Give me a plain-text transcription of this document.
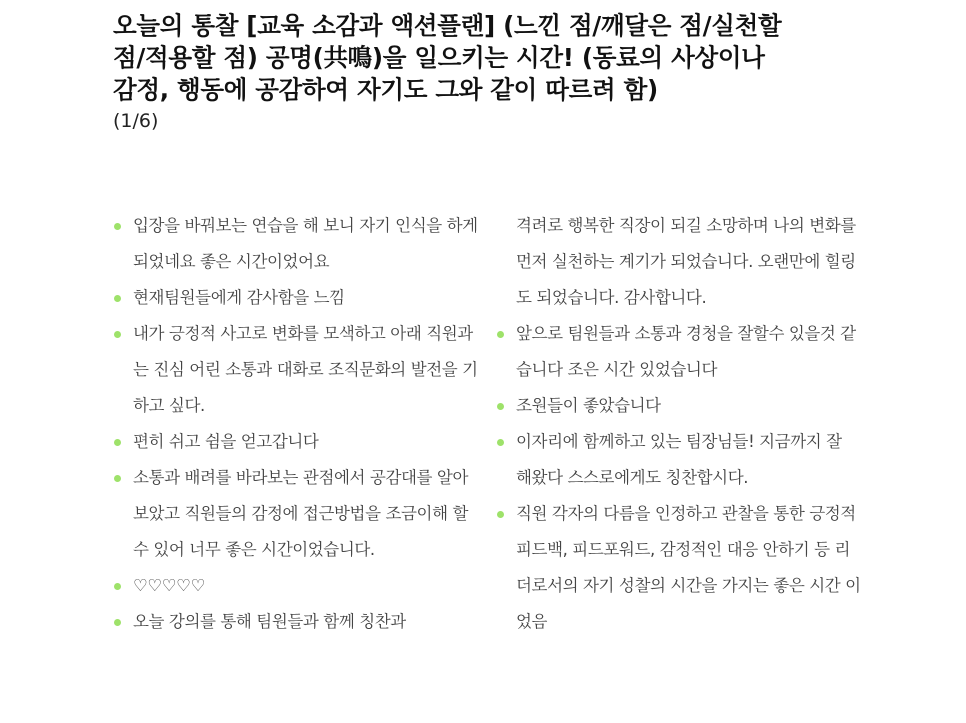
오늘의 통찰 [교육 소감과 액션플랜] (느낀 점/깨달은 점/실천할 점/적용할 점) 공명(共鳴)을 일으키는 시간! (동료의 사상이나 감정, 행동에 공감하여 자기도 그와 같이 따르려 함)
(1/6)
입장을 바꿔보는 연습을 해 보니 자기 인식을 하게 되었네요 좋은 시간이었어요
현재팀원들에게 감사함을 느낌
내가 긍정적 사고로 변화를 모색하고 아래 직원과는 진심 어린 소통과 대화로 조직문화의 발전을 기 하고 싶다.
편히 쉬고 쉼을 얻고갑니다
소통과 배려를 바라보는 관점에서 공감대를 알아보았고 직원들의 감정에 접근방법을 조금이해 할수 있어 너무 좋은 시간이었습니다.
♡♡♡♡♡
오늘 강의를 통해 팀원들과 함께 칭찬과
격려로 행복한 직장이 되길 소망하며 나의 변화를 먼저 실천하는 계기가 되었습니다. 오랜만에 힐링도 되었습니다. 감사합니다.
앞으로 팀원들과 소통과 경청을 잘할수 있을것 같습니다 조은 시간 있었습니다
조원들이 좋았습니다
이자리에 함께하고 있는 팀장님들! 지금까지 잘 해왔다 스스로에게도 칭찬합시다.
직원 각자의 다름을 인정하고 관찰을 통한 긍정적 피드백, 피드포워드, 감정적인 대응 안하기 등 리더로서의 자기 성찰의 시간을 가지는 좋은 시간 이었음
